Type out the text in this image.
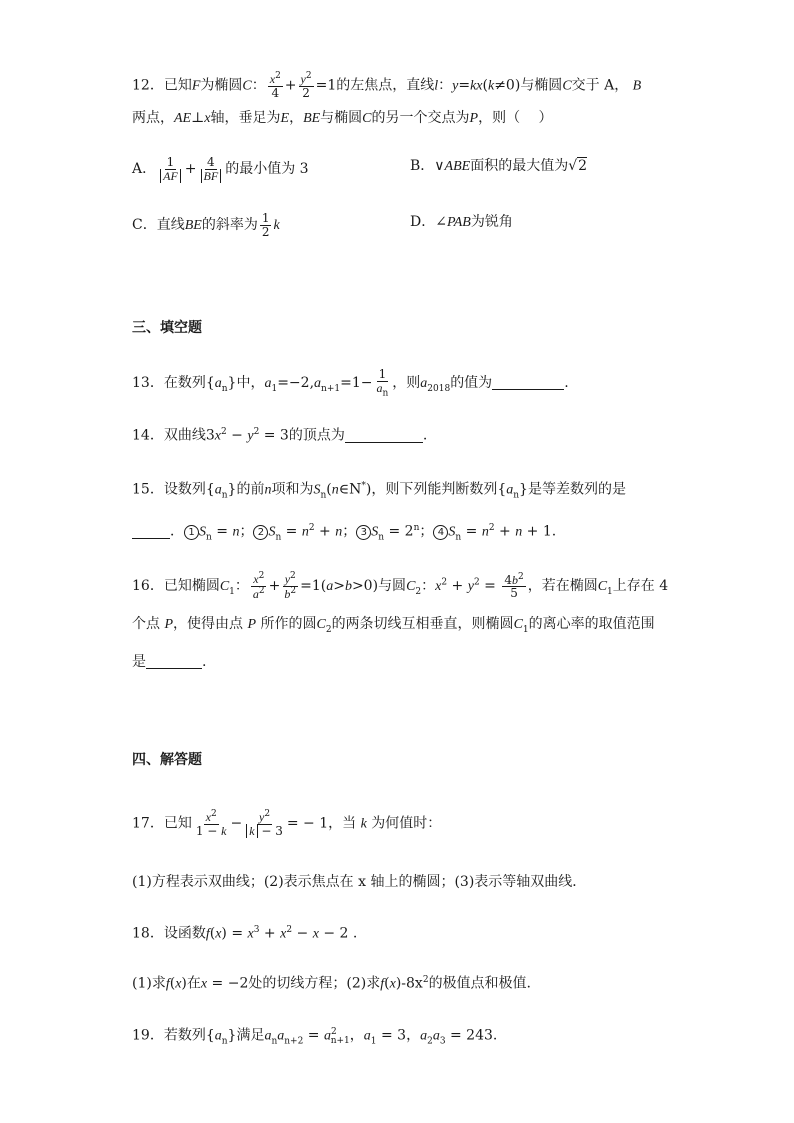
12．已知F为椭圆C： $\frac{x^2}{4} + \frac{y^2}{2} =1$的左焦点，直线l：y=kx(k≠0)与椭圆C交于 A， B
两点，AE⊥x轴，垂足为E，BE与椭圆C的另一个交点为P，则（　 ）
A． $\frac{1}{AF} + \frac{4}{BF}$ 的最小值为 3	B．∨ABE面积的最大值为√2
C．直线BE的斜率为 $\frac{1}{2}$ k	D．∠PAB为锐角
三、填空题
13．在数列$\{a_n\}$中，$a_1=-2,a_{n+1}=1- \frac{1}{a_n}$ ，则$a_{2018}$的值为	.
14．双曲线$3x^2 - y^2 = 3$的顶点为	.
15．设数列$\{a_n\}$的前n项和为$S_n(n\in N^*)$，则下列能判断数列$\{a_n\}$是等差数列的是
． 1 $S_n = n$； 2 $S_n = n^2 + n$； 3 $S_n = 2^n$； 4 $S_n = n^2 + n + 1$.
16．已知椭圆$C_1$： $\frac{x^2}{a^2} + \frac{y^2}{b^2} =1(a>b>0)$与圆$C_2$：$x^2 + y^2 = \frac{4b^2}{5}$ ，若在椭圆$C_1$上存在 4
个点 P，使得由点 P 所作的圆$C_2$的两条切线互相垂直，则椭圆$C_1$的离心率的取值范围
是	.
四、解答题
17．已知 $\frac{x^2}{1 - k} - \frac{y^2}{k - 3}$ = − 1，当 k 为何值时：
(1)方程表示双曲线；(2)表示焦点在 x 轴上的椭圆；(3)表示等轴双曲线．
18．设函数$f(x) = x^3 + x^2 - x - 2$ .
(1)求f(x)在x = −2处的切线方程；(2)求$f(x)-8x^2$的极值点和极值.
19．若数列$\{a_n\}$满足$a_na_{n+2} = a^2_{n+1}$，$a_1 = 3$，$a_2a_3 = 243$.
